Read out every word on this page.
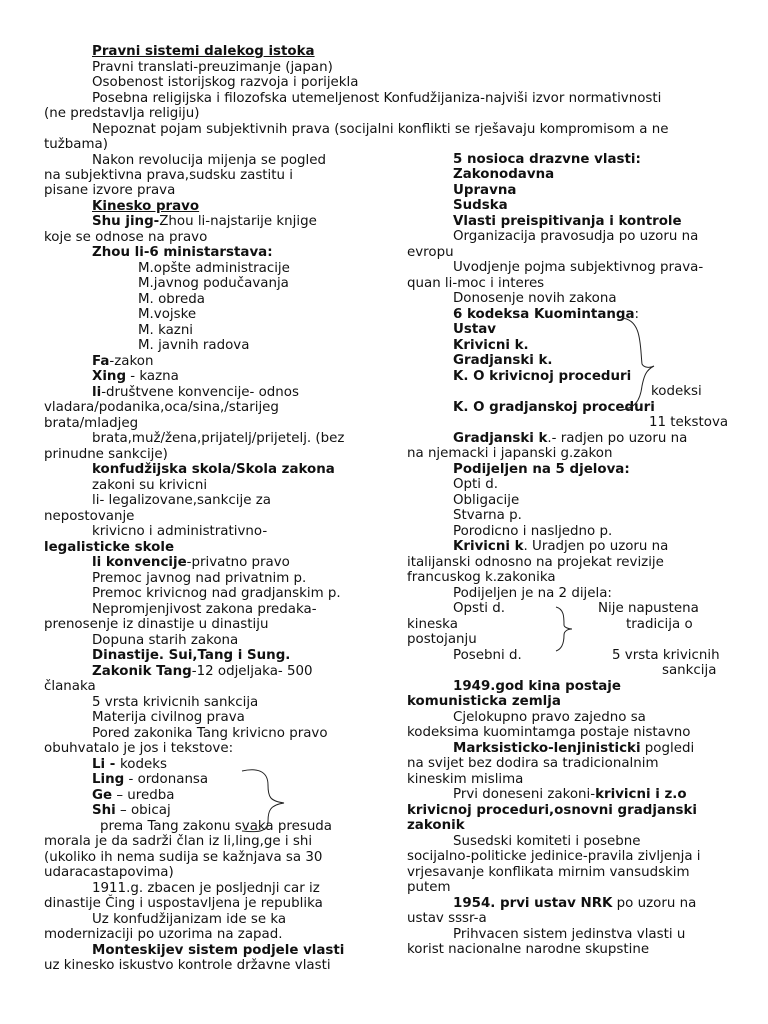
Pravni sistemi dalekog istoka
Pravni translati-preuzimanje (japan)
Osobenost istorijskog razvoja i porijekla
Posebna religijska i filozofska utemeljenost Konfudžijaniza-najviši izvor normativnosti
(ne predstavlja religiju)
Nepoznat pojam subjektivnih prava (socijalni konflikti se rješavaju kompromisom a ne
tužbama)
Nakon revolucija mijenja se pogled
na subjektivna prava,sudsku zastitu i
pisane izvore prava
Kinesko pravo
Shu jing-Zhou li-najstarije knjige
koje se odnose na pravo
Zhou li-6 ministarstava:
M.opšte administracije
M.javnog podučavanja
M. obreda
M.vojske
M. kazni
M. javnih radova
Fa-zakon
Xing - kazna
li-društvene konvencije- odnos
vladara/podanika,oca/sina,/starijeg
brata/mladjeg
brata,muž/žena,prijatelj/prijetelj. (bez
prinudne sankcije)
konfudžijska skola/Skola zakona
zakoni su krivicni
li- legalizovane,sankcije za
nepostovanje
krivicno i administrativno-
legalisticke skole
li konvencije-privatno pravo
Premoc javnog nad privatnim p.
Premoc krivicnog nad gradjanskim p.
Nepromjenjivost zakona predaka-
prenosenje iz dinastije u dinastiju
Dopuna starih zakona
Dinastije. Sui,Tang i Sung.
Zakonik Tang-12 odjeljaka- 500
članaka
5 vrsta krivicnih sankcija
Materija civilnog prava
Pored zakonika Tang krivicno pravo
obuhvatalo je jos i tekstove:
Li - kodeks
Ling - ordonansa
Ge – uredba
Shi – obicaj
prema Tang zakonu svaka presuda
morala je da sadrži član iz li,ling,ge i shi
(ukoliko ih nema sudija se kažnjava sa 30
udaracastapovima)
1911.g. zbacen je posljednji car iz
dinastije Čing i uspostavljena je republika
Uz konfudžijanizam ide se ka
modernizaciji po uzorima na zapad.
Monteskijev sistem podjele vlasti
uz kinesko iskustvo kontrole državne vlasti
5 nosioca drazvne vlasti:
Zakonodavna
Upravna
Sudska
Vlasti preispitivanja i kontrole
Organizacija pravosudja po uzoru na
evropu
Uvodjenje pojma subjektivnog prava-
quan li-moc i interes
Donosenje novih zakona
6 kodeksa Kuomintanga:
Ustav
Krivicni k.
Gradjanski k.
K. O krivicnoj proceduri
kodeksi
K. O gradjanskoj proceduri
11 tekstova
Gradjanski k.- radjen po uzoru na
na njemacki i japanski g.zakon
Podijeljen na 5 djelova:
Opti d.
Obligacije
Stvarna p.
Porodicno i nasljedno p.
Krivicni k. Uradjen po uzoru na
italijanski odnosno na projekat revizije
francuskog k.zakonika
Podijeljen je na 2 dijela:
Opsti d.	Nije napustena
kineska	tradicija o
postojanju
Posebni d.	5 vrsta krivicnih
sankcija
1949.god kina postaje
komunisticka zemlja
Cjelokupno pravo zajedno sa
kodeksima kuomintamga postaje nistavno
Marksisticko-lenjinisticki pogledi
na svijet bez dodira sa tradicionalnim
kineskim mislima
Prvi doneseni zakoni-krivicni i z.o
krivicnoj proceduri,osnovni gradjanski
zakonik
Susedski komiteti i posebne
socijalno-politicke jedinice-pravila zivljenja i
vrjesavanje konflikata mirnim vansudskim
putem
1954. prvi ustav NRK po uzoru na
ustav sssr-a
Prihvacen sistem jedinstva vlasti u
korist nacionalne narodne skupstine
